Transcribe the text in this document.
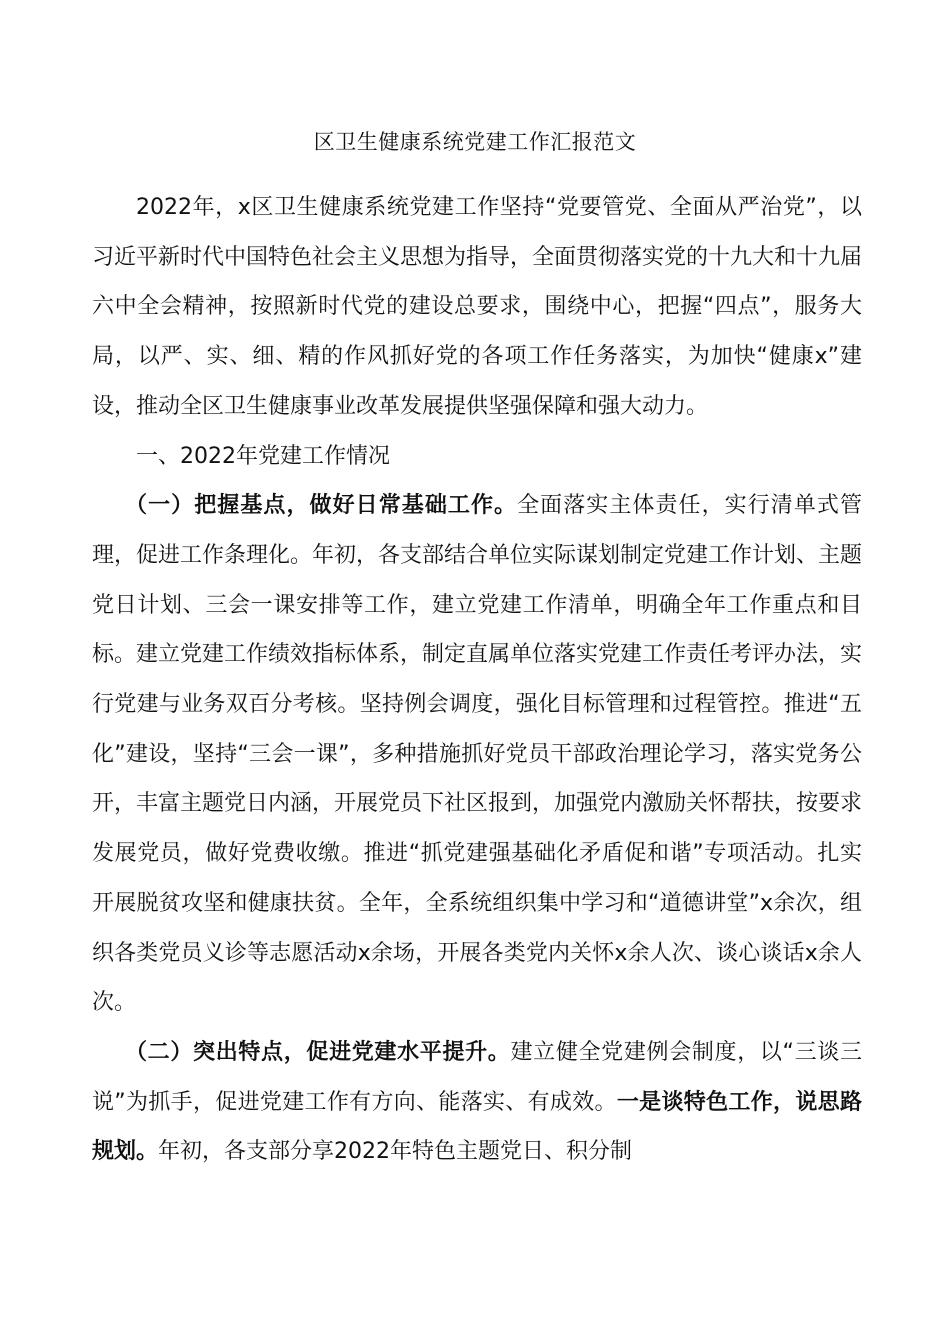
区卫生健康系统党建工作汇报范文

2022年，x区卫生健康系统党建工作坚持“党要管党、全面从严治党”，以习近平新时代中国特色社会主义思想为指导，全面贯彻落实党的十九大和十九届六中全会精神，按照新时代党的建设总要求，围绕中心，把握“四点”，服务大局，以严、实、细、精的作风抓好党的各项工作任务落实，为加快“健康x”建设，推动全区卫生健康事业改革发展提供坚强保障和强大动力。

一、2022年党建工作情况

（一）把握基点，做好日常基础工作。全面落实主体责任，实行清单式管理，促进工作条理化。年初，各支部结合单位实际谋划制定党建工作计划、主题党日计划、三会一课安排等工作，建立党建工作清单，明确全年工作重点和目标。建立党建工作绩效指标体系，制定直属单位落实党建工作责任考评办法，实行党建与业务双百分考核。坚持例会调度，强化目标管理和过程管控。推进“五化”建设，坚持“三会一课”，多种措施抓好党员干部政治理论学习，落实党务公开，丰富主题党日内涵，开展党员下社区报到，加强党内激励关怀帮扶，按要求发展党员，做好党费收缴。推进“抓党建强基础化矛盾促和谐”专项活动。扎实开展脱贫攻坚和健康扶贫。全年，全系统组织集中学习和“道德讲堂”x余次，组织各类党员义诊等志愿活动x余场，开展各类党内关怀x余人次、谈心谈话x余人次。

（二）突出特点，促进党建水平提升。建立健全党建例会制度，以“三谈三说”为抓手，促进党建工作有方向、能落实、有成效。一是谈特色工作，说思路规划。年初，各支部分享2022年特色主题党日、积分制
